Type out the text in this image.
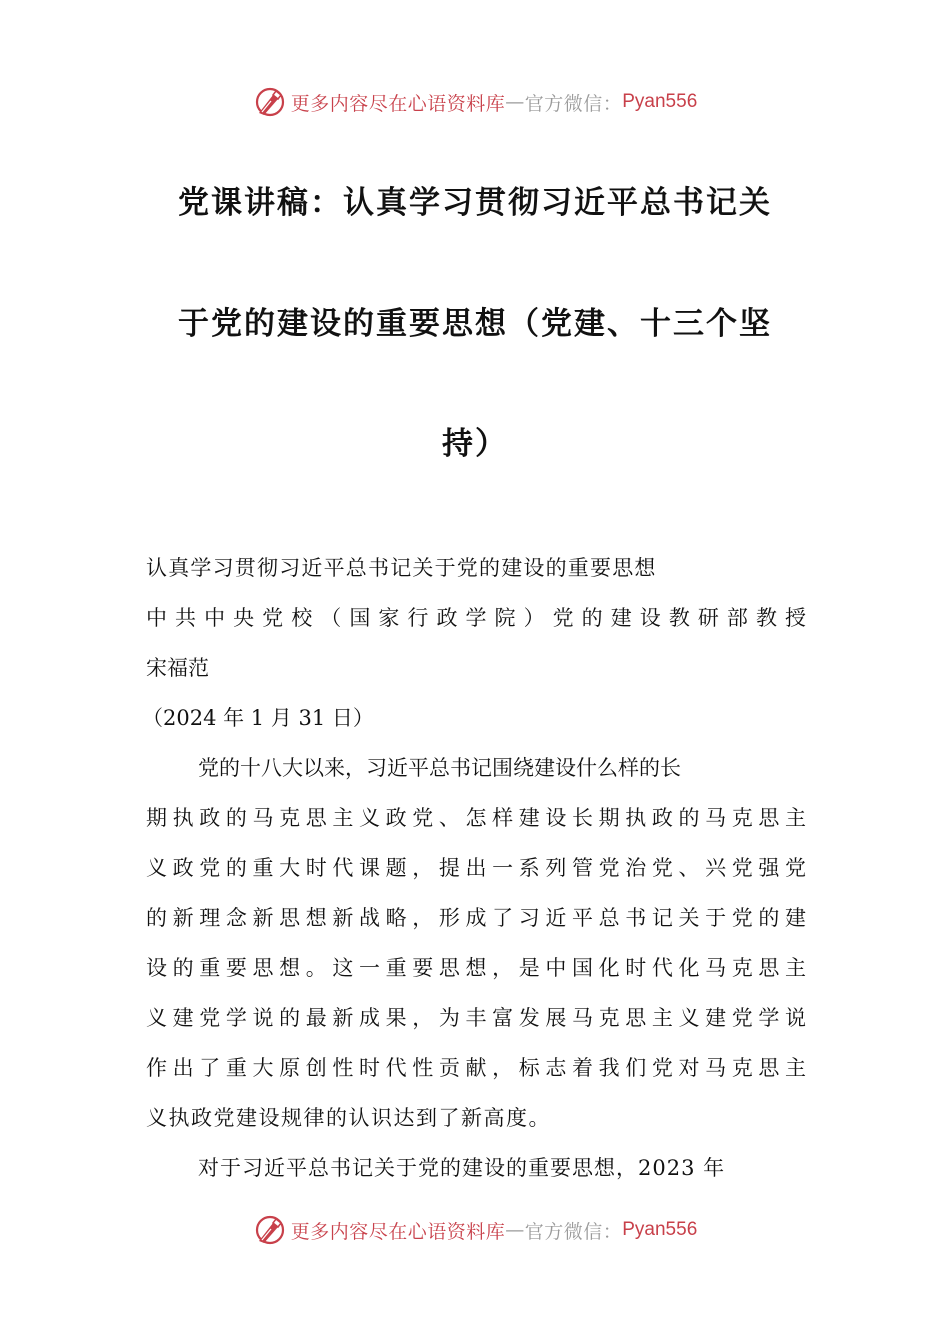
更多内容尽在心语资料库 — 官方微信： Pyan556
党课讲稿：认真学习贯彻习近平总书记关
于党的建设的重要思想（党建、十三个坚
持）

认真学习贯彻习近平总书记关于党的建设的重要思想

中共中央党校（国家行政学院）党的建设教研部教授

宋福范

（2024 年 1 月 31 日）

党的十八大以来，习近平总书记围绕建设什么样的长

期执政的马克思主义政党、怎样建设长期执政的马克思主

义政党的重大时代课题，提出一系列管党治党、兴党强党

的新理念新思想新战略，形成了习近平总书记关于党的建

设的重要思想。这一重要思想，是中国化时代化马克思主

义建党学说的最新成果，为丰富发展马克思主义建党学说

作出了重大原创性时代性贡献，标志着我们党对马克思主

义执政党建设规律的认识达到了新高度。

对于习近平总书记关于党的建设的重要思想，2023 年

更多内容尽在心语资料库 — 官方微信： Pyan556
